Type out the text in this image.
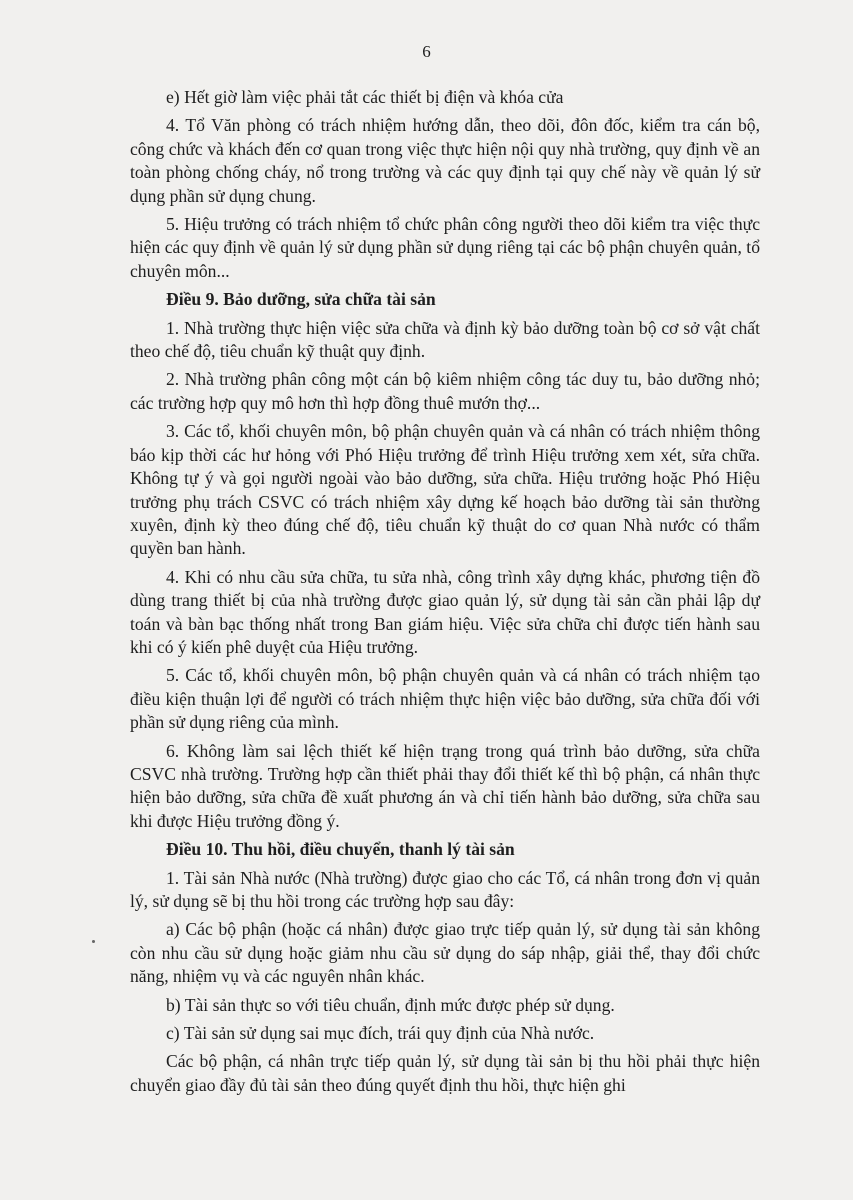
6

e) Hết giờ làm việc phải tắt các thiết bị điện và khóa cửa

4. Tổ Văn phòng có trách nhiệm hướng dẫn, theo dõi, đôn đốc, kiểm tra cán bộ, công chức và khách đến cơ quan trong việc thực hiện nội quy nhà trường, quy định về an toàn phòng chống cháy, nổ trong trường và các quy định tại quy chế này về quản lý sử dụng phần sử dụng chung.

5. Hiệu trưởng có trách nhiệm tổ chức phân công người theo dõi kiểm tra việc thực hiện các quy định về quản lý sử dụng phần sử dụng riêng tại các bộ phận chuyên quản, tổ chuyên môn...

Điều 9. Bảo dưỡng, sửa chữa tài sản

1. Nhà trường thực hiện việc sửa chữa và định kỳ bảo dưỡng toàn bộ cơ sở vật chất theo chế độ, tiêu chuẩn kỹ thuật quy định.

2. Nhà trường phân công một cán bộ kiêm nhiệm công tác duy tu, bảo dưỡng nhỏ; các trường hợp quy mô hơn thì hợp đồng thuê mướn thợ...

3. Các tổ, khối chuyên môn, bộ phận chuyên quản và cá nhân có trách nhiệm thông báo kịp thời các hư hỏng với Phó Hiệu trưởng để trình Hiệu trưởng xem xét, sửa chữa. Không tự ý và gọi người ngoài vào bảo dưỡng, sửa chữa. Hiệu trưởng hoặc Phó Hiệu trưởng phụ trách CSVC có trách nhiệm xây dựng kế hoạch bảo dưỡng tài sản thường xuyên, định kỳ theo đúng chế độ, tiêu chuẩn kỹ thuật do cơ quan Nhà nước có thẩm quyền ban hành.

4. Khi có nhu cầu sửa chữa, tu sửa nhà, công trình xây dựng khác, phương tiện đồ dùng trang thiết bị của nhà trường được giao quản lý, sử dụng tài sản cần phải lập dự toán và bàn bạc thống nhất trong Ban giám hiệu. Việc sửa chữa chỉ được tiến hành sau khi có ý kiến phê duyệt của Hiệu trưởng.

5. Các tổ, khối chuyên môn, bộ phận chuyên quản và cá nhân có trách nhiệm tạo điều kiện thuận lợi để người có trách nhiệm thực hiện việc bảo dưỡng, sửa chữa đối với phần sử dụng riêng của mình.

6. Không làm sai lệch thiết kế hiện trạng trong quá trình bảo dưỡng, sửa chữa CSVC nhà trường. Trường hợp cần thiết phải thay đổi thiết kế thì bộ phận, cá nhân thực hiện bảo dưỡng, sửa chữa đề xuất phương án và chỉ tiến hành bảo dưỡng, sửa chữa sau khi được Hiệu trưởng đồng ý.

Điều 10. Thu hồi, điều chuyển, thanh lý tài sản

1. Tài sản Nhà nước (Nhà trường) được giao cho các Tổ, cá nhân trong đơn vị quản lý, sử dụng sẽ bị thu hồi trong các trường hợp sau đây:

a) Các bộ phận (hoặc cá nhân) được giao trực tiếp quản lý, sử dụng tài sản không còn nhu cầu sử dụng hoặc giảm nhu cầu sử dụng do sáp nhập, giải thể, thay đổi chức năng, nhiệm vụ và các nguyên nhân khác.

b) Tài sản thực so với tiêu chuẩn, định mức được phép sử dụng.

c) Tài sản sử dụng sai mục đích, trái quy định của Nhà nước.

Các bộ phận, cá nhân trực tiếp quản lý, sử dụng tài sản bị thu hồi phải thực hiện chuyển giao đầy đủ tài sản theo đúng quyết định thu hồi, thực hiện ghi
